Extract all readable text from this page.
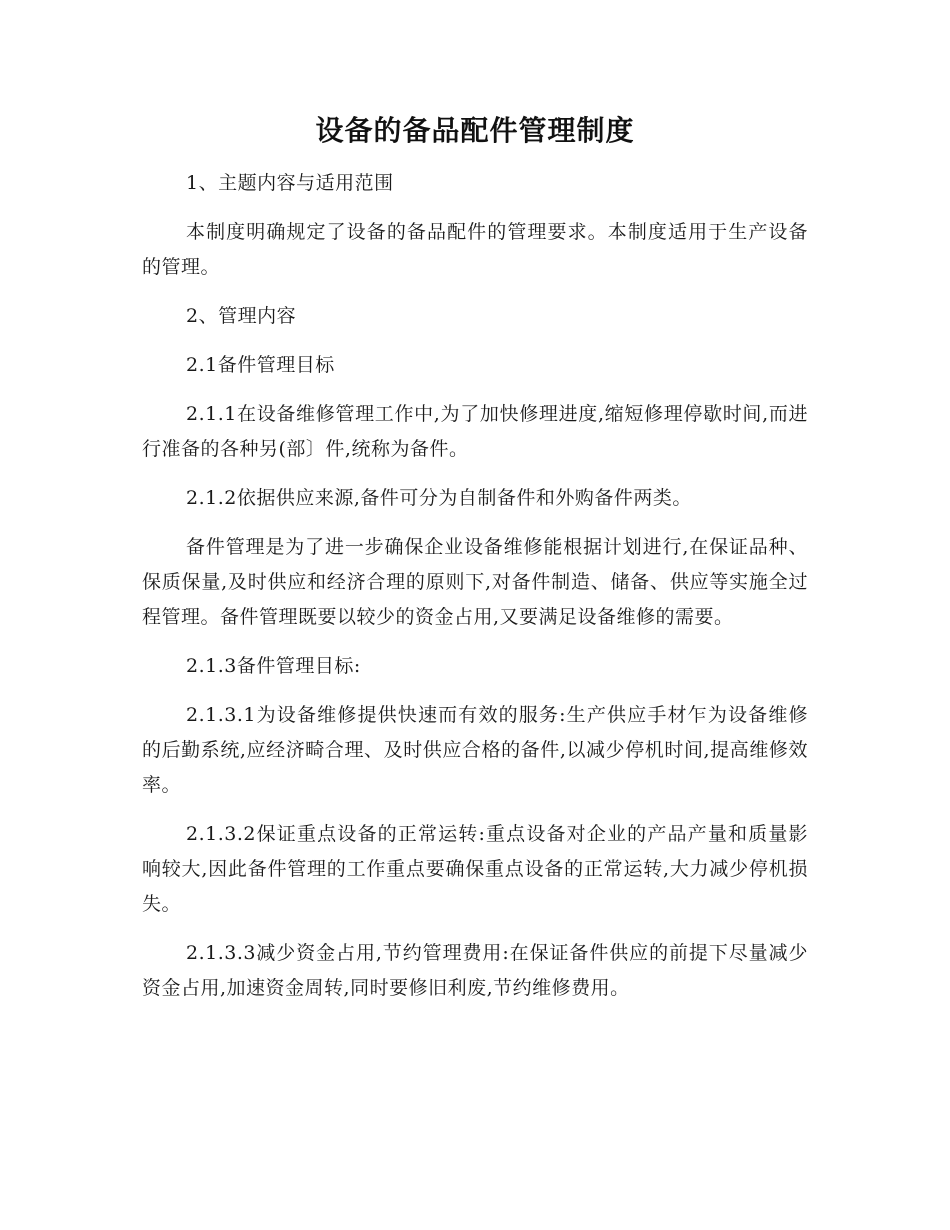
设备的备品配件管理制度

1、主题内容与适用范围

本制度明确规定了设备的备品配件的管理要求。本制度适用于生产设备的管理。

2、管理内容

2.1备件管理目标

2.1.1在设备维修管理工作中,为了加快修理进度,缩短修理停歇时间,而进行准备的各种另(部〕件,统称为备件。

2.1.2依据供应来源,备件可分为自制备件和外购备件两类。

备件管理是为了进一步确保企业设备维修能根据计划进行,在保证品种、保质保量,及时供应和经济合理的原则下,对备件制造、储备、供应等实施全过程管理。备件管理既要以较少的资金占用,又要满足设备维修的需要。

2.1.3备件管理目标:

2.1.3.1为设备维修提供快速而有效的服务:生产供应手材乍为设备维修的后勤系统,应经济畸合理、及时供应合格的备件,以减少停机时间,提高维修效率。

2.1.3.2保证重点设备的正常运转:重点设备对企业的产品产量和质量影响较大,因此备件管理的工作重点要确保重点设备的正常运转,大力减少停机损失。

2.1.3.3减少资金占用,节约管理费用:在保证备件供应的前提下尽量减少资金占用,加速资金周转,同时要修旧利废,节约维修费用。
